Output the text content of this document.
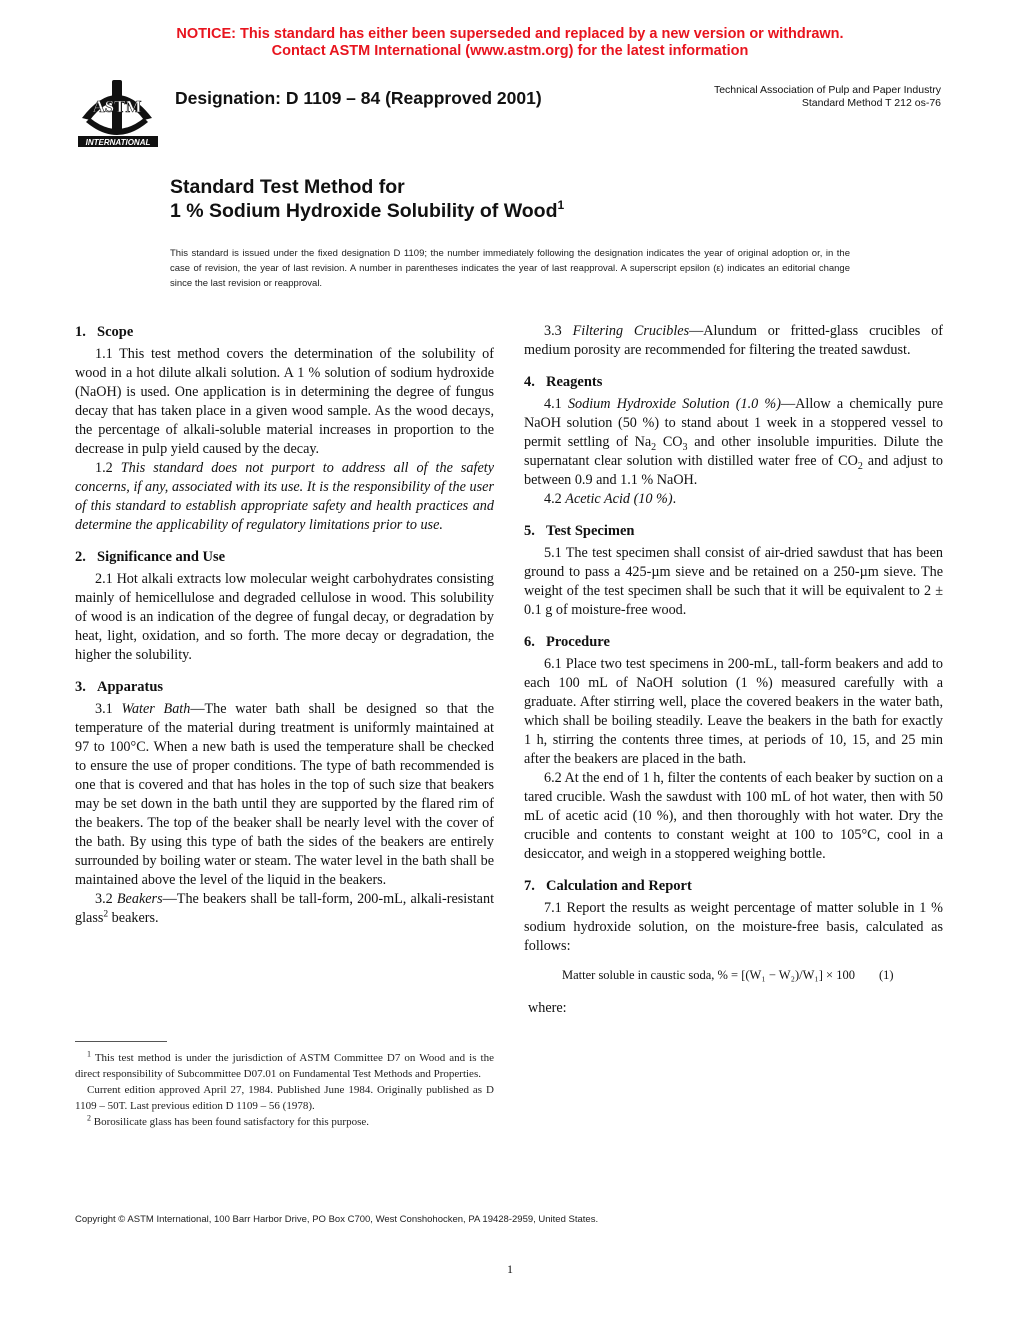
NOTICE: This standard has either been superseded and replaced by a new version or withdrawn.
Contact ASTM International (www.astm.org) for the latest information
ASTM
INTERNATIONAL
Designation: D 1109 – 84 (Reapproved 2001)	Technical Association of Pulp and Paper Industry
Standard Method T 212 os-76
Standard Test Method for
1 % Sodium Hydroxide Solubility of Wood$^1$
This standard is issued under the fixed designation D 1109; the number immediately following the designation indicates the year of original adoption or, in the case of revision, the year of last revision. A number in parentheses indicates the year of last reapproval. A superscript epsilon (ε) indicates an editorial change since the last revision or reapproval.
1. Scope

1.1 This test method covers the determination of the solubility of wood in a hot dilute alkali solution. A 1 % solution of sodium hydroxide (NaOH) is used. One application is in determining the degree of fungus decay that has taken place in a given wood sample. As the wood decays, the percentage of alkali-soluble material increases in proportion to the decrease in pulp yield caused by the decay.

1.2 This standard does not purport to address all of the safety concerns, if any, associated with its use. It is the responsibility of the user of this standard to establish appropriate safety and health practices and determine the applicability of regulatory limitations prior to use.

2. Significance and Use

2.1 Hot alkali extracts low molecular weight carbohydrates consisting mainly of hemicellulose and degraded cellulose in wood. This solubility of wood is an indication of the degree of fungal decay, or degradation by heat, light, oxidation, and so forth. The more decay or degradation, the higher the solubility.

3. Apparatus

3.1 Water Bath—The water bath shall be designed so that the temperature of the material during treatment is uniformly maintained at 97 to 100°C. When a new bath is used the temperature shall be checked to ensure the use of proper conditions. The type of bath recommended is one that is covered and that has holes in the top of such size that beakers may be set down in the bath until they are supported by the flared rim of the beakers. The top of the beaker shall be nearly level with the cover of the bath. By using this type of bath the sides of the beakers are entirely surrounded by boiling water or steam. The water level in the bath shall be maintained above the level of the liquid in the beakers.

3.2 Beakers—The beakers shall be tall-form, 200-mL, alkali-resistant glass$^2$ beakers.

3.3 Filtering Crucibles—Alundum or fritted-glass crucibles of medium porosity are recommended for filtering the treated sawdust.

4. Reagents

4.1 Sodium Hydroxide Solution (1.0 %)—Allow a chemically pure NaOH solution (50 %) to stand about 1 week in a stoppered vessel to permit settling of $Na_2$ $CO_3$ and other insoluble impurities. Dilute the supernatant clear solution with distilled water free of $CO_2$ and adjust to between 0.9 and 1.1 % NaOH.

4.2 Acetic Acid (10 %).

5. Test Specimen

5.1 The test specimen shall consist of air-dried sawdust that has been ground to pass a 425-µm sieve and be retained on a 250-µm sieve. The weight of the test specimen shall be such that it will be equivalent to 2 ± 0.1 g of moisture-free wood.

6. Procedure

6.1 Place two test specimens in 200-mL, tall-form beakers and add to each 100 mL of NaOH solution (1 %) measured carefully with a graduate. After stirring well, place the covered beakers in the water bath, which shall be boiling steadily. Leave the beakers in the bath for exactly 1 h, stirring the contents three times, at periods of 10, 15, and 25 min after the beakers are placed in the bath.

6.2 At the end of 1 h, filter the contents of each beaker by suction on a tared crucible. Wash the sawdust with 100 mL of hot water, then with 50 mL of acetic acid (10 %), and then thoroughly with hot water. Dry the crucible and contents to constant weight at 100 to 105°C, cool in a desiccator, and weigh in a stoppered weighing bottle.

7. Calculation and Report

7.1 Report the results as weight percentage of matter soluble in 1 % sodium hydroxide solution, on the moisture-free basis, calculated as follows:

Matter soluble in caustic soda, % = [(W₁ − W₂)/W₁] × 100 (1)
where:

$^1$ This test method is under the jurisdiction of ASTM Committee D7 on Wood and is the direct responsibility of Subcommittee D07.01 on Fundamental Test Methods and Properties.

Current edition approved April 27, 1984. Published June 1984. Originally published as D 1109 – 50T. Last previous edition D 1109 – 56 (1978).

$^2$ Borosilicate glass has been found satisfactory for this purpose.

Copyright © ASTM International, 100 Barr Harbor Drive, PO Box C700, West Conshohocken, PA 19428-2959, United States.
1
